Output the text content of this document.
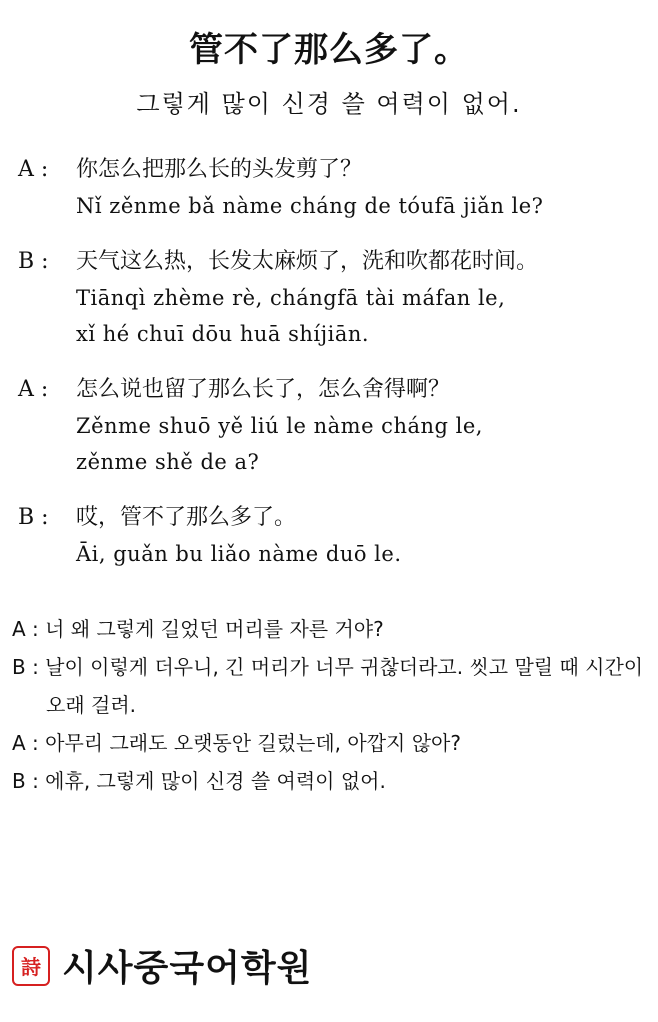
管不了那么多了。
그렇게 많이 신경 쓸 여력이 없어.
A :	你怎么把那么长的头发剪了？
Nǐ zěnme bǎ nàme cháng de tóufā jiǎn le?
B :	天气这么热，长发太麻烦了，洗和吹都花时间。
Tiānqì zhème rè, chángfā tài máfan le,
xǐ hé chuī dōu huā shíjiān.
A :	怎么说也留了那么长了，怎么舍得啊？
Zěnme shuō yě liú le nàme cháng le,
zěnme shě de a?
B :	哎，管不了那么多了。
Āi, guǎn bu liǎo nàme duō le.
A : 너 왜 그렇게 길었던 머리를 자른 거야?
B : 날이 이렇게 더우니, 긴 머리가 너무 귀찮더라고. 씻고 말릴 때 시간이 오래 걸려.
A : 아무리 그래도 오랫동안 길렀는데, 아깝지 않아?
B : 에휴, 그렇게 많이 신경 쓸 여력이 없어.
詩 시사중국어학원
